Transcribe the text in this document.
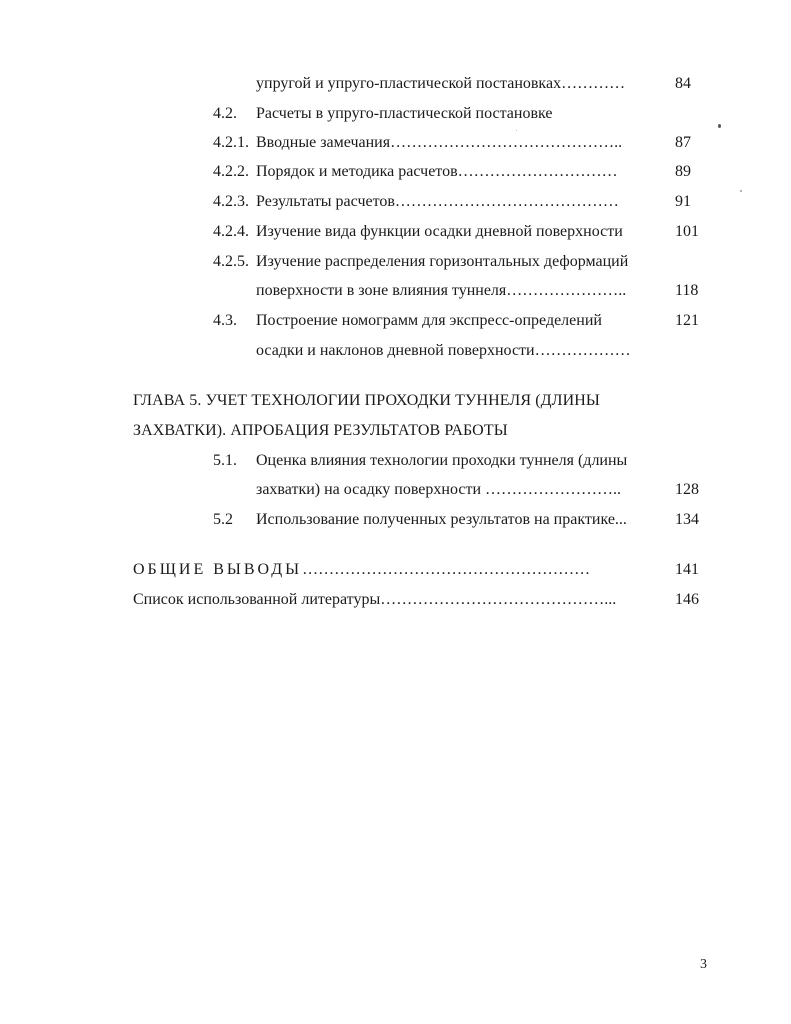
упругой и упруго-пластической постановках…………	84
4.2. Расчеты в упруго-пластической постановке
4.2.1. Вводные замечания……………………………………..	87
4.2.2. Порядок и методика расчетов…………………………	89
4.2.3. Результаты расчетов……………………………………	91
4.2.4. Изучение вида функции осадки дневной поверхности	101
4.2.5. Изучение распределения горизонтальных деформаций
поверхности в зоне влияния туннеля…………………..	118
4.3. Построение номограмм для экспресс-определений	121
осадки и наклонов дневной поверхности………………
ГЛАВА 5. УЧЕТ ТЕХНОЛОГИИ ПРОХОДКИ ТУННЕЛЯ (ДЛИНЫ
ЗАХВАТКИ). АПРОБАЦИЯ РЕЗУЛЬТАТОВ РАБОТЫ
5.1. Оценка влияния технологии проходки туннеля (длины
захватки) на осадку поверхности ……………………..	128
5.2 Использование полученных результатов на практике...	134
ОБЩИЕ ВЫВОДЫ………………………………………………	141
Список использованной литературы……………………………………...	146
3
